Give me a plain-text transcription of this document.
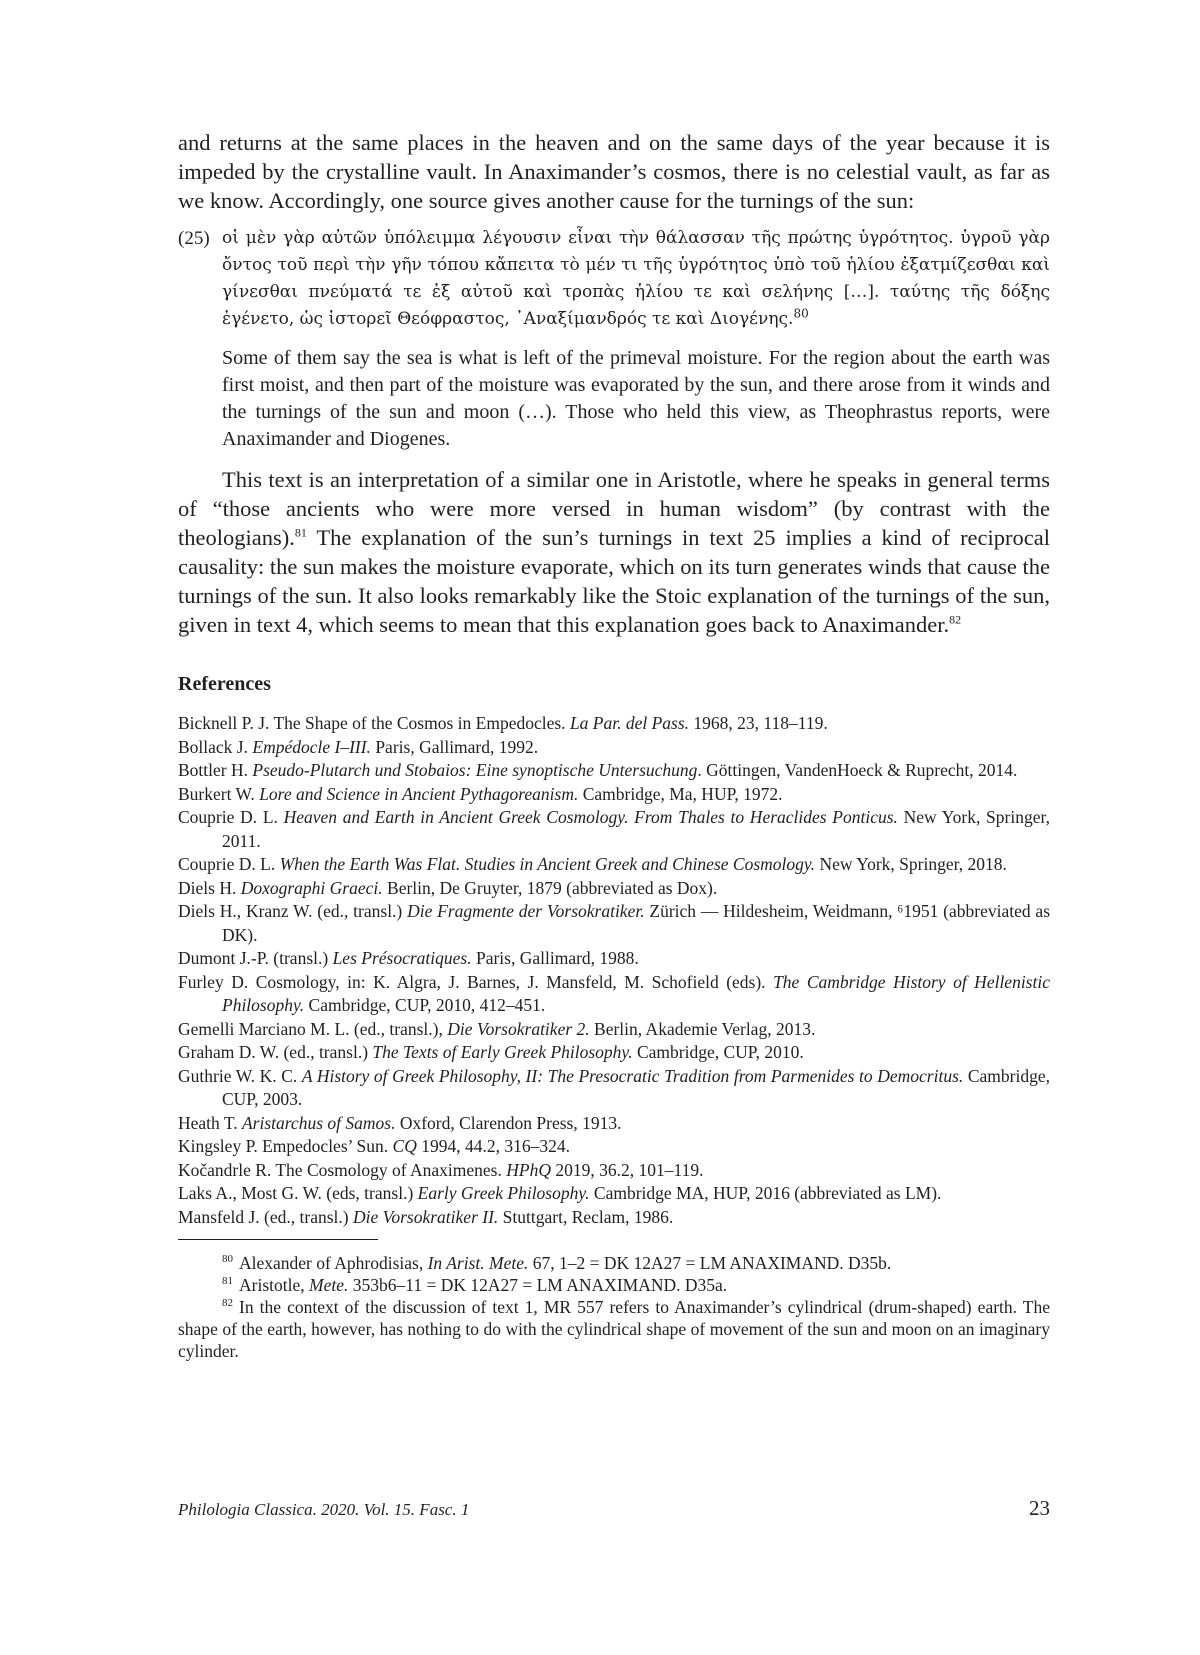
and returns at the same places in the heaven and on the same days of the year because it is impeded by the crystalline vault. In Anaximander’s cosmos, there is no celestial vault, as far as we know. Accordingly, one source gives another cause for the turnings of the sun:

(25) οἱ μὲν γὰρ αὐτῶν ὑπόλειμμα λέγουσιν εἶναι τὴν θάλασσαν τῆς πρώτης ὑγρότητος. ὑγροῦ γὰρ ὄντος τοῦ περὶ τὴν γῆν τόπου κἄπειτα τὸ μέν τι τῆς ὑγρότητος ὑπὸ τοῦ ἡλίου ἐξατμίζεσθαι καὶ γίνεσθαι πνεύματά τε ἐξ αὐτοῦ καὶ τροπὰς ἡλίου τε καὶ σελήνης […]. ταύτης τῆς δόξης ἐγένετο, ὡς ἱστορεῖ Θεόφραστος, ᾿Αναξίμανδρός τε καὶ Διογένης.$^{80}$

Some of them say the sea is what is left of the primeval moisture. For the region about the earth was first moist, and then part of the moisture was evaporated by the sun, and there arose from it winds and the turnings of the sun and moon (…). Those who held this view, as Theophrastus reports, were Anaximander and Diogenes.

This text is an interpretation of a similar one in Aristotle, where he speaks in general terms of “those ancients who were more versed in human wisdom” (by contrast with the theologians).$^{81}$ The explanation of the sun’s turnings in text 25 implies a kind of reciprocal causality: the sun makes the moisture evaporate, which on its turn generates winds that cause the turnings of the sun. It also looks remarkably like the Stoic explanation of the turnings of the sun, given in text 4, which seems to mean that this explanation goes back to Anaximander.$^{82}$

References
Bicknell P. J. The Shape of the Cosmos in Empedocles. La Par. del Pass. 1968, 23, 118–119.
Bollack J. Empédocle I–III. Paris, Gallimard, 1992.
Bottler H. Pseudo-Plutarch und Stobaios: Eine synoptische Untersuchung. Göttingen, VandenHoeck & Ruprecht, 2014.
Burkert W. Lore and Science in Ancient Pythagoreanism. Cambridge, Ma, HUP, 1972.
Couprie D. L. Heaven and Earth in Ancient Greek Cosmology. From Thales to Heraclides Ponticus. New York, Springer, 2011.
Couprie D. L. When the Earth Was Flat. Studies in Ancient Greek and Chinese Cosmology. New York, Springer, 2018.
Diels H. Doxographi Graeci. Berlin, De Gruyter, 1879 (abbreviated as Dox).
Diels H., Kranz W. (ed., transl.) Die Fragmente der Vorsokratiker. Zürich — Hildesheim, Weidmann, ⁶1951 (abbreviated as DK).
Dumont J.-P. (transl.) Les Présocratiques. Paris, Gallimard, 1988.
Furley D. Cosmology, in: K. Algra, J. Barnes, J. Mansfeld, M. Schofield (eds). The Cambridge History of Hellenistic Philosophy. Cambridge, CUP, 2010, 412–451.
Gemelli Marciano M. L. (ed., transl.), Die Vorsokratiker 2. Berlin, Akademie Verlag, 2013.
Graham D. W. (ed., transl.) The Texts of Early Greek Philosophy. Cambridge, CUP, 2010.
Guthrie W. K. C. A History of Greek Philosophy, II: The Presocratic Tradition from Parmenides to Democritus. Cambridge, CUP, 2003.
Heath T. Aristarchus of Samos. Oxford, Clarendon Press, 1913.
Kingsley P. Empedocles’ Sun. CQ 1994, 44.2, 316–324.
Kočandrle R. The Cosmology of Anaximenes. HPhQ 2019, 36.2, 101–119.
Laks A., Most G. W. (eds, transl.) Early Greek Philosophy. Cambridge MA, HUP, 2016 (abbreviated as LM).
Mansfeld J. (ed., transl.) Die Vorsokratiker II. Stuttgart, Reclam, 1986.

$^{80}$ Alexander of Aphrodisias, In Arist. Mete. 67, 1–2 = DK 12A27 = LM ANAXIMAND. D35b.

$^{81}$ Aristotle, Mete. 353b6–11 = DK 12A27 = LM ANAXIMAND. D35a.

$^{82}$ In the context of the discussion of text 1, MR 557 refers to Anaximander’s cylindrical (drum-shaped) earth. The shape of the earth, however, has nothing to do with the cylindrical shape of movement of the sun and moon on an imaginary cylinder.

Philologia Classica. 2020. Vol. 15. Fasc. 1	23
